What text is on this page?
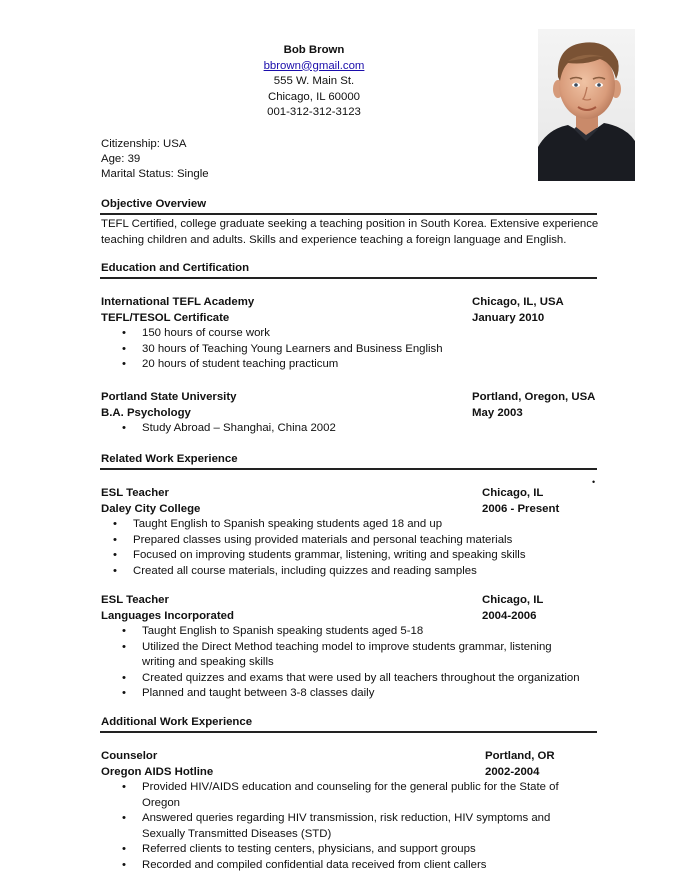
Bob Brown
bbrown@gmail.com
555 W. Main St.
Chicago, IL 60000
001-312-312-3123
Citizenship: USA
Age: 39
Marital Status: Single
Objective Overview
TEFL Certified, college graduate seeking a teaching position in South Korea. Extensive experience teaching children and adults. Skills and experience teaching a foreign language and English.
Education and Certification
International TEFL Academy	Chicago, IL, USA
TEFL/TESOL Certificate	January 2010
• 150 hours of course work
• 30 hours of Teaching Young Learners and Business English
• 20 hours of student teaching practicum
Portland State University	Portland, Oregon, USA
B.A. Psychology	May 2003
• Study Abroad – Shanghai, China 2002
Related Work Experience
•
ESL Teacher	Chicago, IL
Daley City College	2006 - Present
• Taught English to Spanish speaking students aged 18 and up
• Prepared classes using provided materials and personal teaching materials
• Focused on improving students grammar, listening, writing and speaking skills
• Created all course materials, including quizzes and reading samples
ESL Teacher	Chicago, IL
Languages Incorporated	2004-2006
• Taught English to Spanish speaking students aged 5-18
• Utilized the Direct Method teaching model to improve students grammar, listening writing and speaking skills
• Created quizzes and exams that were used by all teachers throughout the organization
• Planned and taught between 3-8 classes daily
Additional Work Experience
Counselor	Portland, OR
Oregon AIDS Hotline	2002-2004
• Provided HIV/AIDS education and counseling for the general public for the State of Oregon
• Answered queries regarding HIV transmission, risk reduction, HIV symptoms and Sexually Transmitted Diseases (STD)
• Referred clients to testing centers, physicians, and support groups
• Recorded and compiled confidential data received from client callers
